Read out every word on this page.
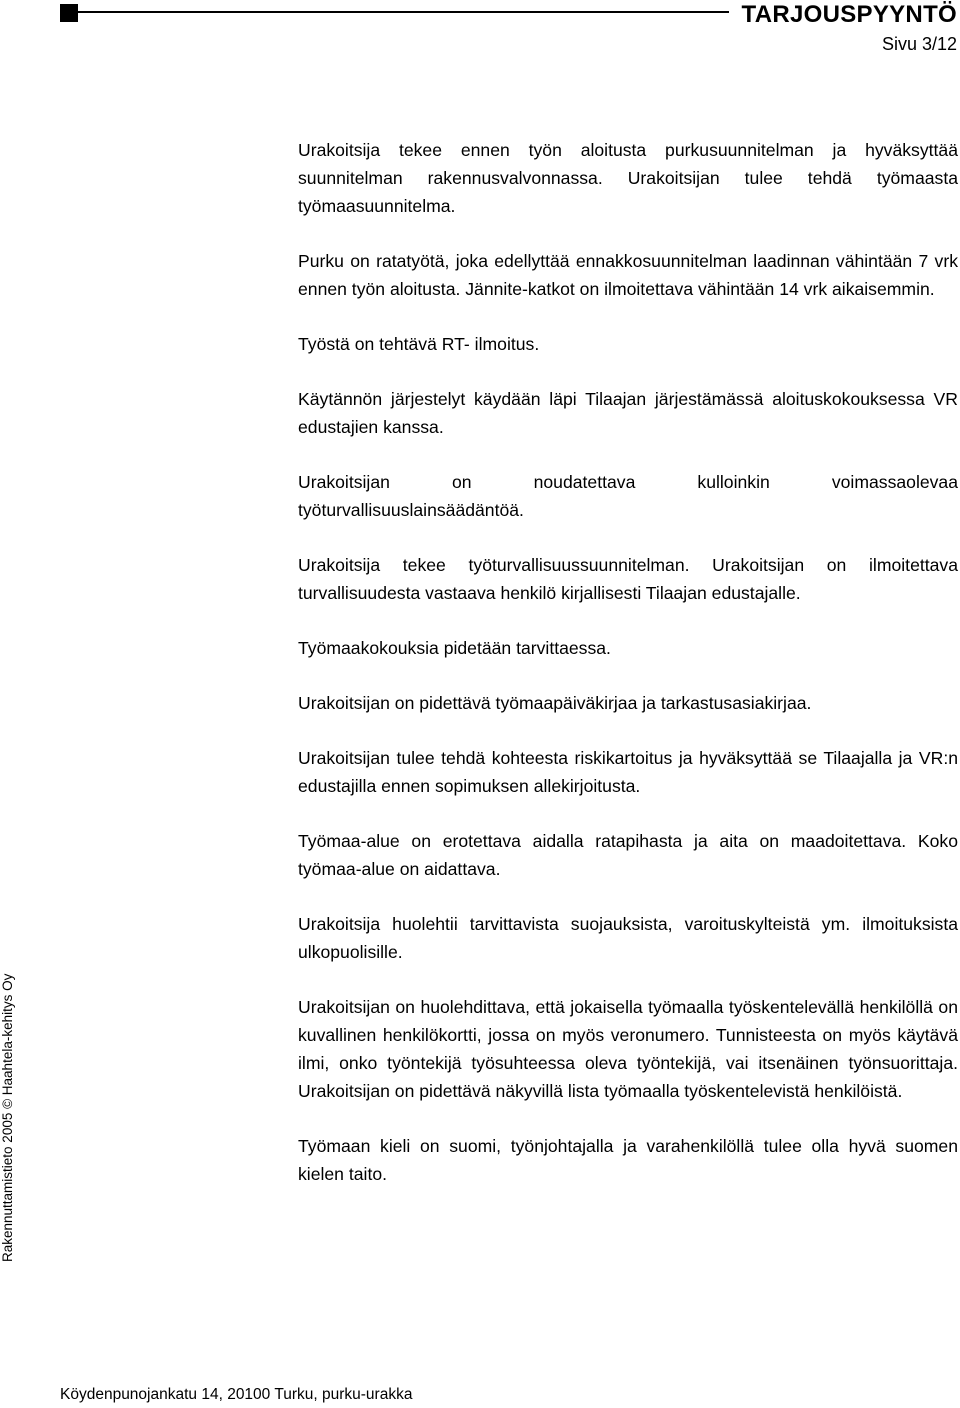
TARJOUSPYYNTÖ
Sivu 3/12

Urakoitsija tekee ennen työn aloitusta purkusuunnitelman ja hyväksyttää suunnitelman rakennusvalvonnassa. Urakoitsijan tulee tehdä työmaasta työmaasuunnitelma.

Purku on ratatyötä, joka edellyttää ennakkosuunnitelman laadinnan vähintään 7 vrk ennen työn aloitusta. Jännite-katkot on ilmoitettava vähintään 14 vrk aikaisemmin.

Työstä on tehtävä RT- ilmoitus.

Käytännön järjestelyt käydään läpi Tilaajan järjestämässä aloituskokouksessa VR edustajien kanssa.

Urakoitsijan on noudatettava kulloinkin voimassaolevaa työturvallisuuslainsäädäntöä.

Urakoitsija tekee työturvallisuussuunnitelman. Urakoitsijan on ilmoitettava turvallisuudesta vastaava henkilö kirjallisesti Tilaajan edustajalle.

Työmaakokouksia pidetään tarvittaessa.

Urakoitsijan on pidettävä työmaapäiväkirjaa ja tarkastusasiakirjaa.

Urakoitsijan tulee tehdä kohteesta riskikartoitus ja hyväksyttää se Tilaajalla ja VR:n edustajilla ennen sopimuksen allekirjoitusta.

Työmaa-alue on erotettava aidalla ratapihasta ja aita on maadoitettava. Koko työmaa-alue on aidattava.

Urakoitsija huolehtii tarvittavista suojauksista, varoituskylteistä ym. ilmoituksista ulkopuolisille.

Urakoitsijan on huolehdittava, että jokaisella työmaalla työskentelevällä henkilöllä on kuvallinen henkilökortti, jossa on myös veronumero. Tunnisteesta on myös käytävä ilmi, onko työntekijä työsuhteessa oleva työntekijä, vai itsenäinen työnsuorittaja. Urakoitsijan on pidettävä näkyvillä lista työmaalla työskentelevistä henkilöistä.

Työmaan kieli on suomi, työnjohtajalla ja varahenkilöllä tulee olla hyvä suomen kielen taito.

Rakennuttamistieto 2005 © Haahtela-kehitys Oy
Köydenpunojankatu 14, 20100 Turku, purku-urakka
